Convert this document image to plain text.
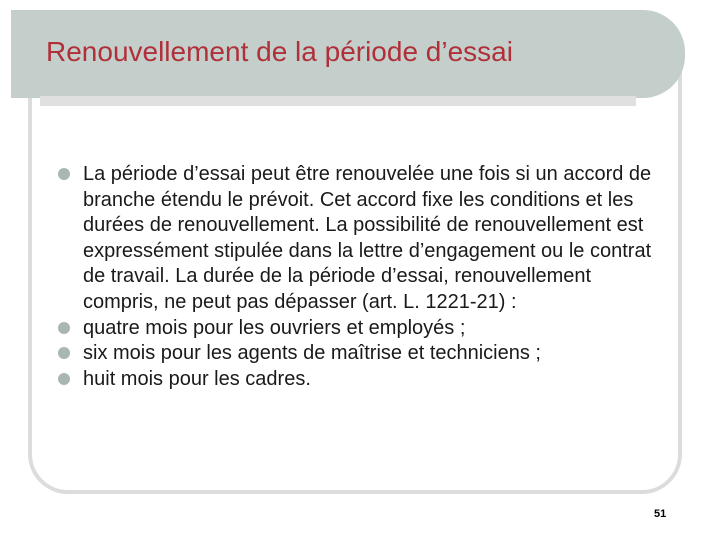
Renouvellement de la période d’essai
La période d’essai peut être renouvelée une fois si un accord de branche étendu le prévoit. Cet accord fixe les conditions et les durées de renouvellement. La possibilité de renouvellement est expressément stipulée dans la lettre d’engagement ou le contrat de travail. La durée de la période d’essai, renouvellement compris, ne peut pas dépasser (art. L. 1221-21) :
quatre mois pour les ouvriers et employés ;
six mois pour les agents de maîtrise et techniciens ;
huit mois pour les cadres.
51
